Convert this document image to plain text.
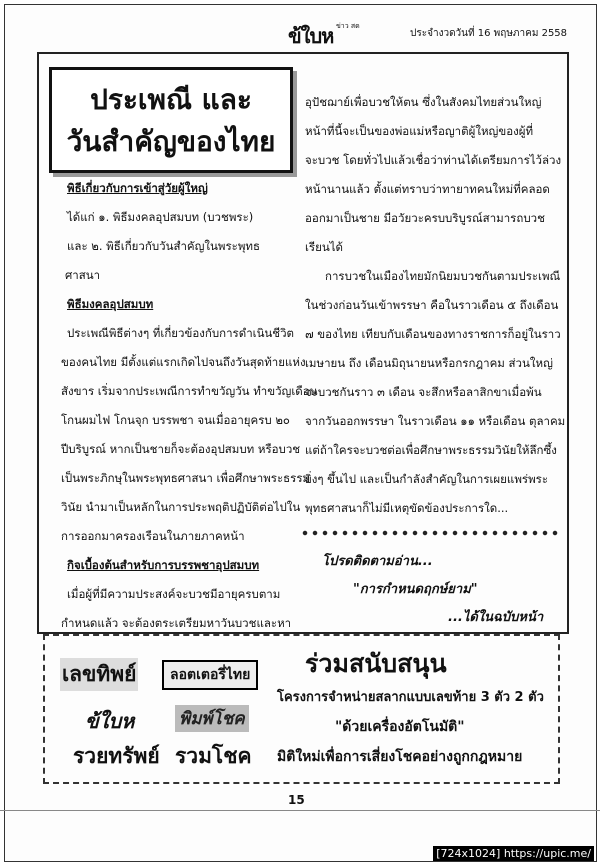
ข้ใบห ข่าว สด
ประจำงวดวันที่ 16 พฤษภาคม 2558
ประเพณี และ
วันสำคัญของไทย

พิธีเกี่ยวกับการเข้าสู่วัยผู้ใหญ่

ได้แก่ ๑. พิธีมงคลอุปสมบท (บวชพระ)

และ ๒. พิธีเกี่ยวกับวันสำคัญในพระพุทธ

ศาสนา

พิธีมงคลอุปสมบท

ประเพณีพิธีต่างๆ ที่เกี่ยวข้องกับการดำเนินชีวิต

ของคนไทย มีตั้งแต่แรกเกิดไปจนถึงวันสุดท้ายแห่ง

สังขาร เริ่มจากประเพณีการทำขวัญวัน ทำขวัญเดือน

โกนผมไฟ โกนจุก บรรพชา จนเมื่ออายุครบ ๒๐

ปีบริบูรณ์ หากเป็นชายก็จะต้องอุปสมบท หรือบวช

เป็นพระภิกษุในพระพุทธศาสนา เพื่อศึกษาพระธรรม

วินัย นำมาเป็นหลักในการประพฤติปฏิบัติต่อไปใน

การออกมาครองเรือนในภายภาคหน้า

กิจเบื้องต้นสำหรับการบรรพชาอุปสมบท

เมื่อผู้ที่มีความประสงค์จะบวชมีอายุครบตาม

กำหนดแล้ว จะต้องตระเตรียมหาวันบวชและหา

อุปัชฌาย์เพื่อบวชให้ตน ซึ่งในสังคมไทยส่วนใหญ่

หน้าที่นี้จะเป็นของพ่อแม่หรือญาติผู้ใหญ่ของผู้ที่

จะบวช โดยทั่วไปแล้วเชื่อว่าท่านได้เตรียมการไว้ล่วง

หน้านานแล้ว ตั้งแต่ทราบว่าทายาทคนใหม่ที่คลอด

ออกมาเป็นชาย มีอวัยวะครบบริบูรณ์สามารถบวช

เรียนได้

การบวชในเมืองไทยมักนิยมบวชกันตามประเพณี

ในช่วงก่อนวันเข้าพรรษา คือในราวเดือน ๕ ถึงเดือน

๗ ของไทย เทียบกับเดือนของทางราชการก็อยู่ในราว

เมษายน ถึง เดือนมิถุนายนหรือกรกฎาคม ส่วนใหญ่

จะบวชกันราว ๓ เดือน จะสึกหรือลาสิกขาเมื่อพ้น

จากวันออกพรรษา ในราวเดือน ๑๑ หรือเดือน ตุลาคม

แต่ถ้าใครจะบวชต่อเพื่อศึกษาพระธรรมวินัยให้ลึกซึ้ง

ยิ่งๆ ขึ้นไป และเป็นกำลังสำคัญในการเผยแพร่พระ

พุทธศาสนาก็ไม่มีเหตุขัดข้องประการใด...

โปรดติดตามอ่าน...
"การกำหนดฤกษ์ยาม"
...ได้ในฉบับหน้า
เลขทิพย์	ลอตเตอรี่ไทย
ข้ใบห	พิมพ์โชค
รวยทรัพย์ รวมโชค
ร่วมสนับสนุน
โครงการจำหน่ายสลากแบบเลขท้าย 3 ตัว 2 ตัว
"ด้วยเครื่องอัตโนมัติ"
มิติใหม่เพื่อการเสี่ยงโชคอย่างถูกกฎหมาย
15
[724x1024] https://upic.me/
